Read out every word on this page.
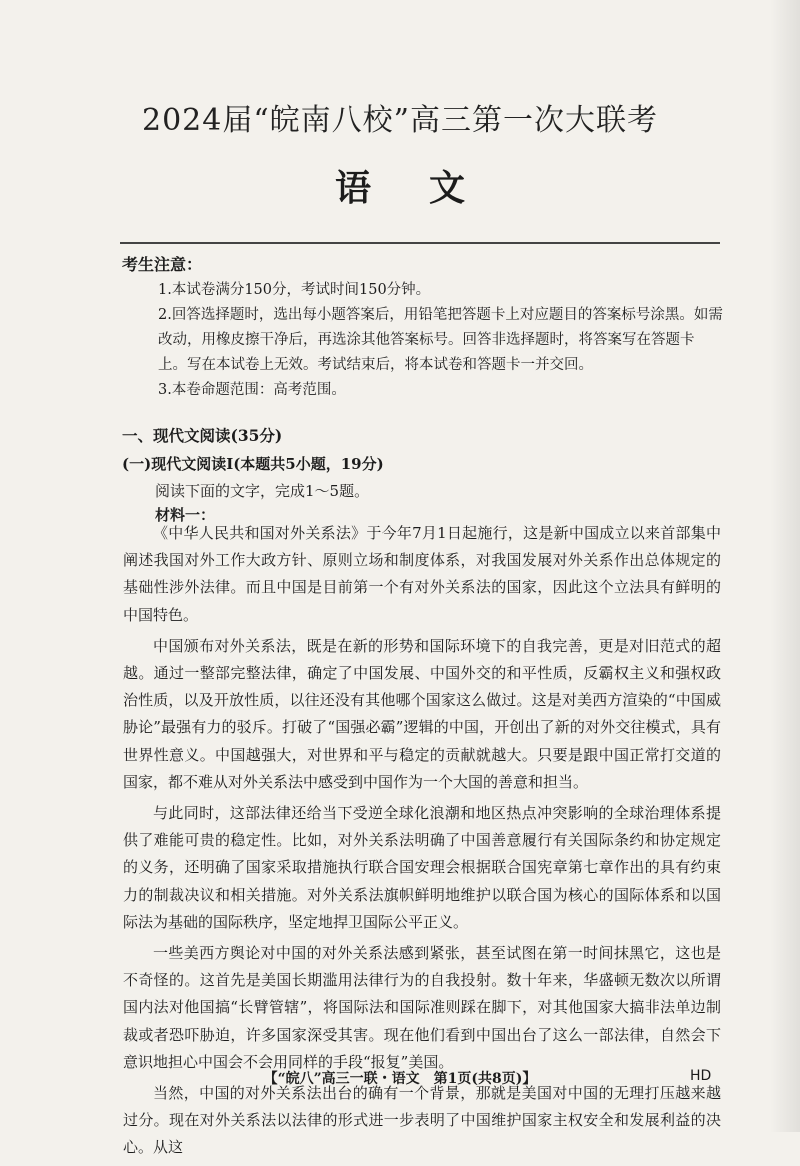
2024届“皖南八校”高三第一次大联考
语文
考生注意：

1.本试卷满分150分，考试时间150分钟。

2.回答选择题时，选出每小题答案后，用铅笔把答题卡上对应题目的答案标号涂黑。如需改动，用橡皮擦干净后，再选涂其他答案标号。回答非选择题时，将答案写在答题卡上。写在本试卷上无效。考试结束后，将本试卷和答题卡一并交回。

3.本卷命题范围：高考范围。

一、现代文阅读(35分)
(一)现代文阅读Ⅰ(本题共5小题，19分)
阅读下面的文字，完成1～5题。
材料一：

《中华人民共和国对外关系法》于今年7月1日起施行，这是新中国成立以来首部集中阐述我国对外工作大政方针、原则立场和制度体系，对我国发展对外关系作出总体规定的基础性涉外法律。而且中国是目前第一个有对外关系法的国家，因此这个立法具有鲜明的中国特色。

中国颁布对外关系法，既是在新的形势和国际环境下的自我完善，更是对旧范式的超越。通过一整部完整法律，确定了中国发展、中国外交的和平性质，反霸权主义和强权政治性质，以及开放性质，以往还没有其他哪个国家这么做过。这是对美西方渲染的“中国威胁论”最强有力的驳斥。打破了“国强必霸”逻辑的中国，开创出了新的对外交往模式，具有世界性意义。中国越强大，对世界和平与稳定的贡献就越大。只要是跟中国正常打交道的国家，都不难从对外关系法中感受到中国作为一个大国的善意和担当。

与此同时，这部法律还给当下受逆全球化浪潮和地区热点冲突影响的全球治理体系提供了难能可贵的稳定性。比如，对外关系法明确了中国善意履行有关国际条约和协定规定的义务，还明确了国家采取措施执行联合国安理会根据联合国宪章第七章作出的具有约束力的制裁决议和相关措施。对外关系法旗帜鲜明地维护以联合国为核心的国际体系和以国际法为基础的国际秩序，坚定地捍卫国际公平正义。

一些美西方舆论对中国的对外关系法感到紧张，甚至试图在第一时间抹黑它，这也是不奇怪的。这首先是美国长期滥用法律行为的自我投射。数十年来，华盛顿无数次以所谓国内法对他国搞“长臂管辖”，将国际法和国际准则踩在脚下，对其他国家大搞非法单边制裁或者恐吓胁迫，许多国家深受其害。现在他们看到中国出台了这么一部法律，自然会下意识地担心中国会不会用同样的手段“报复”美国。

当然，中国的对外关系法出台的确有一个背景，那就是美国对中国的无理打压越来越过分。现在对外关系法以法律的形式进一步表明了中国维护国家主权安全和发展利益的决心。从这

【“皖八”高三一联・语文　第1页(共8页)】	HD
